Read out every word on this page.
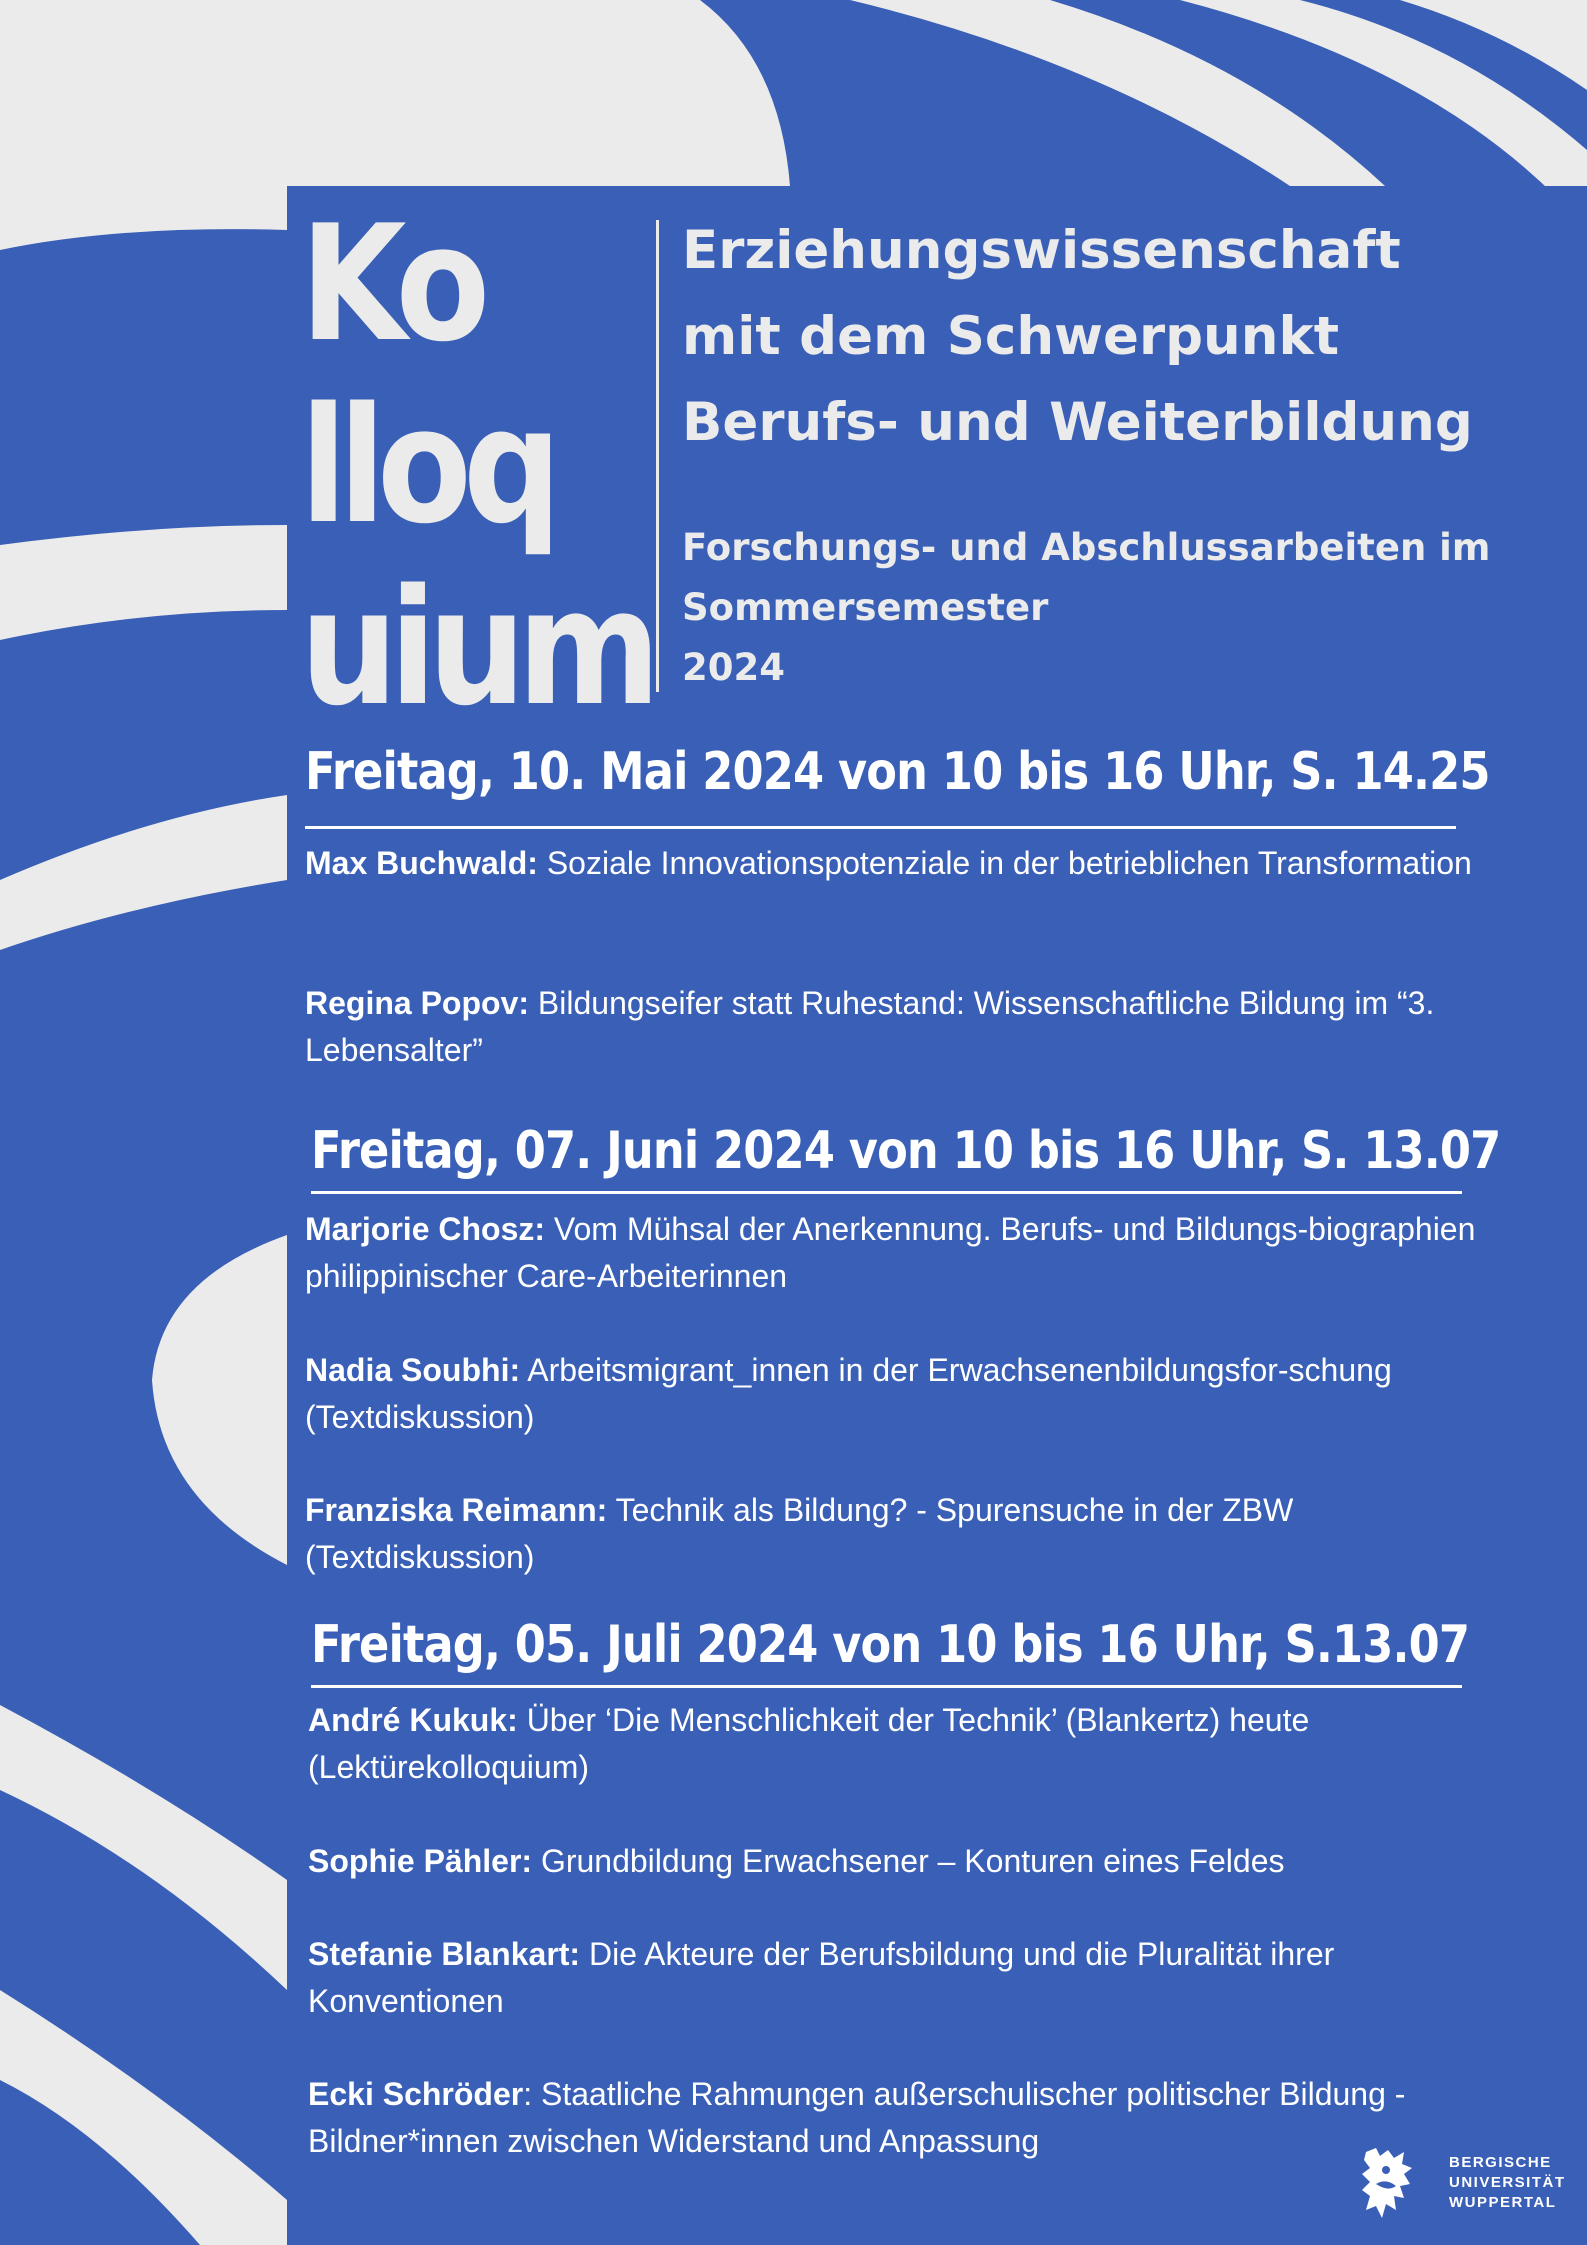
Ko
lloq
uium
Erziehungswissenschaft
mit dem Schwerpunkt
Berufs- und Weiterbildung
Forschungs- und Abschlussarbeiten im
Sommersemester
2024
Freitag, 10. Mai 2024 von 10 bis 16 Uhr, S. 14.25
Max Buchwald: Soziale Innovationspotenziale in der betrieblichen Transformation
Regina Popov: Bildungseifer statt Ruhestand: Wissenschaftliche Bildung im “3. Lebensalter”
Freitag, 07. Juni 2024 von 10 bis 16 Uhr, S. 13.07
Marjorie Chosz: Vom Mühsal der Anerkennung. Berufs- und Bildungs-biographien philippinischer Care-Arbeiterinnen
Nadia Soubhi: Arbeitsmigrant_innen in der Erwachsenenbildungsfor-schung (Textdiskussion)
Franziska Reimann: Technik als Bildung? - Spurensuche in der ZBW (Textdiskussion)
Freitag, 05. Juli 2024 von 10 bis 16 Uhr, S.13.07
André Kukuk: Über ‘Die Menschlichkeit der Technik’ (Blankertz) heute (Lektürekolloquium)
Sophie Pähler: Grundbildung Erwachsener – Konturen eines Feldes
Stefanie Blankart: Die Akteure der Berufsbildung und die Pluralität ihrer Konventionen
Ecki Schröder: Staatliche Rahmungen außerschulischer politischer Bildung - Bildner*innen zwischen Widerstand und Anpassung
BERGISCHE
UNIVERSITÄT
WUPPERTAL
